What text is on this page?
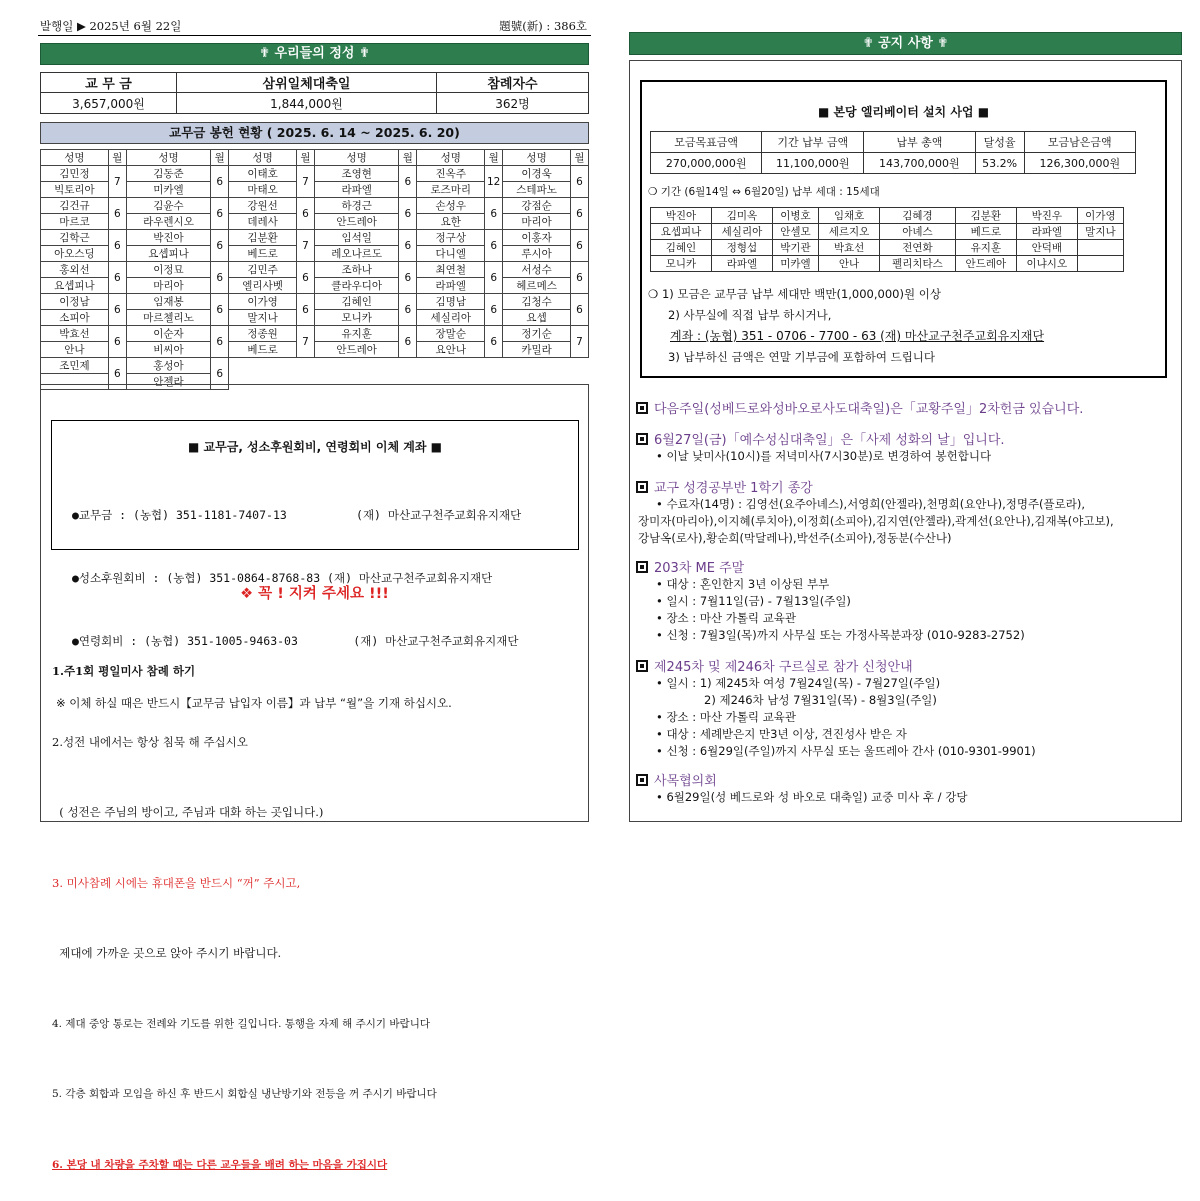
발행일 ▶ 2025년 6월 22일	題號(新) : 386호
✟ 우리들의 정성 ✟
교 무 금	삼위일체대축일	참례자수
3,657,000원	1,844,000원	362명
교무금 봉헌 현황 ( 2025. 6. 14 ~ 2025. 6. 20)
성명	월	성명	월	성명	월	성명	월	성명	월	성명	월
김민정	7	김동준	6	이태호	7	조영현	6	진옥주	12	이경욱	6
빅토리아		미카엘		마태오		라파엘		로즈마리		스테파노	
김건규	6	김윤수	6	강원선	6	하경근	6	손성우	6	강점순	6
마르코		라우렌시오		데레사		안드레아		요한		마리아	
김학근	6	박진아	6	김분환	7	임석일	6	정구상	6	이홍자	6
아오스딩		요셉피나		베드로		레오나르도		다니엘		루시아	
홍외선	6	이정묘	6	김민주	6	조하나	6	최연철	6	서성수	6
요셉피나		마리아		엘리사벳		클라우디아		라파엘		헤르메스	
이정남	6	임재봉	6	이가영	6	김혜인	6	김명남	6	김청수	6
소피아		마르첼리노		말지나		모니카		세실리아		요셉	
박효선	6	이순자	6	정종원	7	유지훈	6	장말순	6	정기순	7
안나		비씨아		베드로		안드레아		요안나		카밀라	
조민제	6	홍성아	6								
		안젤라									
■ 교무금, 성소후원회비, 연령회비 이체 계좌 ■

●교무금 : (농협) 351-1181-7407-13          (재) 마산교구천주교회유지재단

●성소후원회비 : (농협) 351-0864-8768-83 (재) 마산교구천주교회유지재단

●연령회비 : (농협) 351-1005-9463-03        (재) 마산교구천주교회유지재단

※ 이체 하실 때은 반드시【교무금 납입자 이름】과 납부 “월”을 기재 하십시오.
❖ 꼭 ! 지켜 주세요 !!!

1.주1회 평일미사 참례 하기

2.성전 내에서는 항상 침묵 해 주십시오

( 성전은 주님의 방이고, 주님과 대화 하는 곳입니다.)

3. 미사참례 시에는 휴대폰을 반드시 “꺼” 주시고,

제대에 가까운 곳으로 앉아 주시기 바랍니다.

4. 제대 중앙 통로는 전례와 기도를 위한 길입니다. 통행을 자제 해 주시기 바랍니다

5. 각층 회합과 모임을 하신 후 반드시 회합실 냉난방기와 전등을 꺼 주시기 바랍니다

6. 본당 내 차량을 주차할 때는 다른 교우들을 배려 하는 마음을 가집시다

✟ 공지 사항 ✟
■ 본당 엘리베이터 설치 사업 ■
모금목표금액	기간 납부 금액	납부 총액	달성율	모금남은금액
270,000,000원	11,100,000원	143,700,000원	53.2%	126,300,000원
❍ 기간 (6월14일 ⇔ 6월20일) 납부 세대 : 15세대
박진아	김미옥	이병호	임채호	김혜경	김분환	박진우	이가영
요셉피나	세실리아	안셀모	세르지오	아녜스	베드로	라파엘	말지나
김혜인	정형섭	박기관	박효선	전연화	유지훈	안덕배	
모니카	라파엘	미카엘	안나	펠리치타스	안드레아	이냐시오	
❍ 1) 모금은 교무금 납부 세대만 백만(1,000,000)원 이상
2) 사무실에 직접 납부 하시거나,
계좌 : (농협) 351 - 0706 - 7700 - 63 (재) 마산교구천주교회유지재단
3) 납부하신 금액은 연말 기부금에 포함하여 드립니다
다음주일(성베드로와성바오로사도대축일)은「교황주일」2차헌금 있습니다.
6월27일(금)「예수성심대축일」은「사제 성화의 날」입니다.
• 이날 낮미사(10시)를 저녁미사(7시30분)로 변경하여 봉헌합니다
교구 성경공부반 1학기 종강
• 수료자(14명) : 김영선(요주아녜스),서영희(안젤라),천명희(요안나),정명주(플로라),
장미자(마리아),이지혜(루치아),이정희(소피아),김지연(안젤라),곽계선(요안나),김재복(야고보),
강남옥(로사),황순희(막달레나),박선주(소피아),정동분(수산나)
203차 ME 주말
• 대상 : 혼인한지 3년 이상된 부부
• 일시 : 7월11일(금) - 7월13일(주일)
• 장소 : 마산 가톨릭 교육관
• 신청 : 7월3일(목)까지 사무실 또는 가정사목분과장 (010-9283-2752)
제245차 및 제246차 구르실로 참가 신청안내
• 일시 : 1) 제245차 여성 7월24일(목) - 7월27일(주일)
2) 제246차 남성 7월31일(목) - 8월3일(주일)
• 장소 : 마산 가톨릭 교육관
• 대상 : 세례받은지 만3년 이상, 견진성사 받은 자
• 신청 : 6월29일(주일)까지 사무실 또는 울뜨레아 간사 (010-9301-9901)
사목협의회
• 6월29일(성 베드로와 성 바오로 대축일) 교중 미사 후 / 강당
